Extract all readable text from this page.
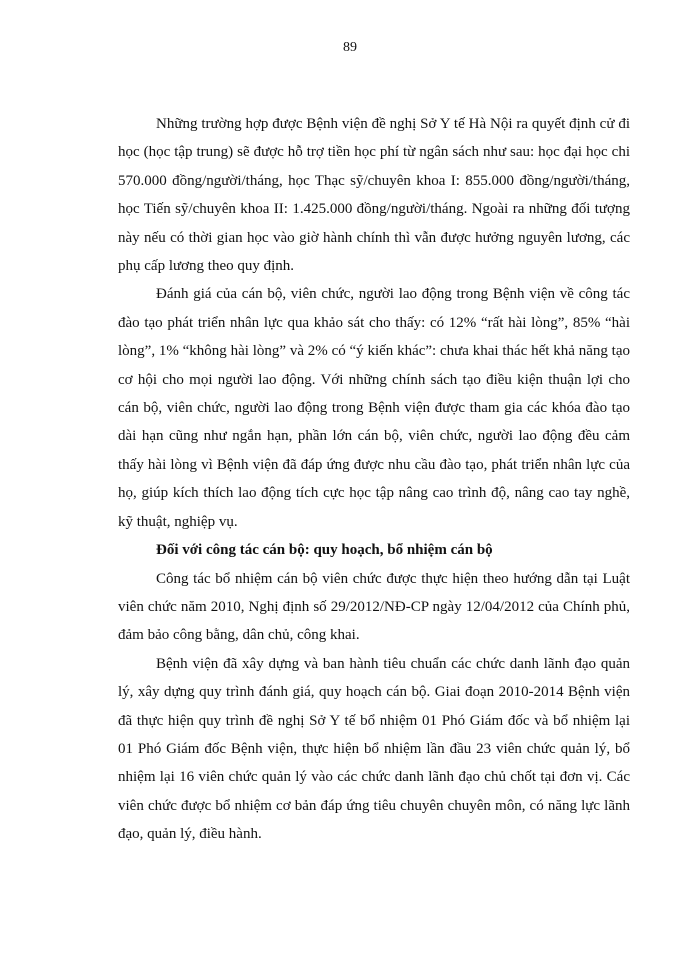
89

Những trường hợp được Bệnh viện đề nghị Sở Y tế Hà Nội ra quyết định cử đi học (học tập trung) sẽ được hỗ trợ tiền học phí từ ngân sách như sau: học đại học chi 570.000 đồng/người/tháng, học Thạc sỹ/chuyên khoa I: 855.000 đồng/người/tháng, học Tiến sỹ/chuyên khoa II: 1.425.000 đồng/người/tháng. Ngoài ra những đối tượng này nếu có thời gian học vào giờ hành chính thì vẫn được hưởng nguyên lương, các phụ cấp lương theo quy định.

Đánh giá của cán bộ, viên chức, người lao động trong Bệnh viện về công tác đào tạo phát triển nhân lực qua khảo sát cho thấy: có 12% “rất hài lòng”, 85% “hài lòng”, 1% “không hài lòng” và 2% có “ý kiến khác”: chưa khai thác hết khả năng tạo cơ hội cho mọi người lao động. Với những chính sách tạo điều kiện thuận lợi cho cán bộ, viên chức, người lao động trong Bệnh viện được tham gia các khóa đào tạo dài hạn cũng như ngắn hạn, phần lớn cán bộ, viên chức, người lao động đều cảm thấy hài lòng vì Bệnh viện đã đáp ứng được nhu cầu đào tạo, phát triển nhân lực của họ, giúp kích thích lao động tích cực học tập nâng cao trình độ, nâng cao tay nghề, kỹ thuật, nghiệp vụ.

Đối với công tác cán bộ: quy hoạch, bổ nhiệm cán bộ

Công tác bổ nhiệm cán bộ viên chức được thực hiện theo hướng dẫn tại Luật viên chức năm 2010, Nghị định số 29/2012/NĐ-CP ngày 12/04/2012 của Chính phủ, đảm bảo công bằng, dân chủ, công khai.

Bệnh viện đã xây dựng và ban hành tiêu chuẩn các chức danh lãnh đạo quản lý, xây dựng quy trình đánh giá, quy hoạch cán bộ. Giai đoạn 2010-2014 Bệnh viện đã thực hiện quy trình đề nghị Sở Y tế bổ nhiệm 01 Phó Giám đốc và bổ nhiệm lại 01 Phó Giám đốc Bệnh viện, thực hiện bổ nhiệm lần đầu 23 viên chức quản lý, bổ nhiệm lại 16 viên chức quản lý vào các chức danh lãnh đạo chủ chốt tại đơn vị. Các viên chức được bổ nhiệm cơ bản đáp ứng tiêu chuyên chuyên môn, có năng lực lãnh đạo, quản lý, điều hành.
